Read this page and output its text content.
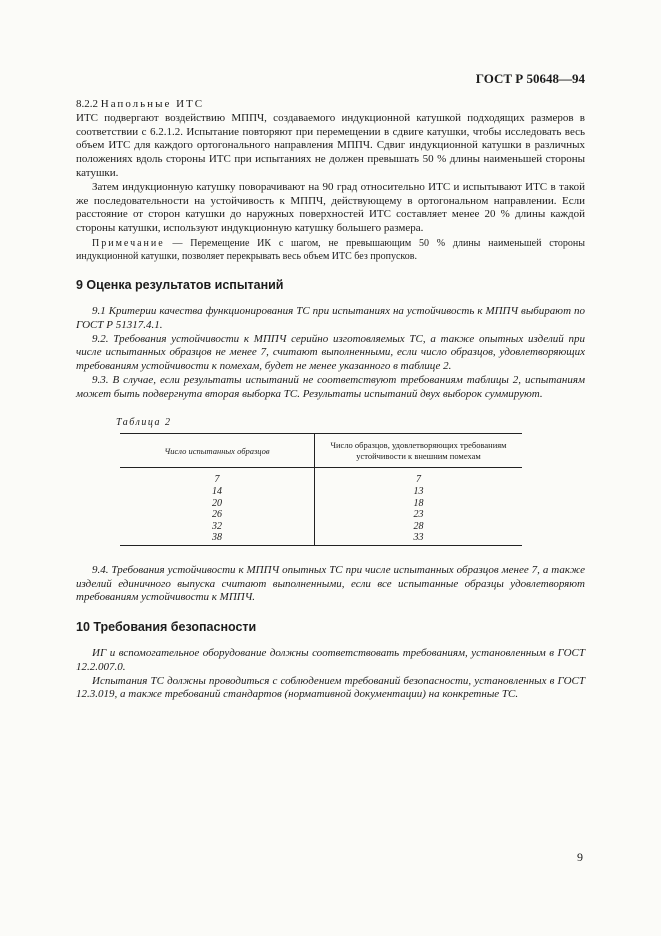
ГОСТ Р 50648—94

8.2.2 Напольные ИТС

ИТС подвергают воздействию МППЧ, создаваемого индукционной катушкой подходящих размеров в соответствии с 6.2.1.2. Испытание повторяют при перемещении в сдвиге катушки, чтобы исследовать весь объем ИТС для каждого ортогонального направления МППЧ. Сдвиг индукционной катушки в различных положениях вдоль стороны ИТС при испытаниях не должен превышать 50 % длины наименьшей стороны катушки.

Затем индукционную катушку поворачивают на 90 град относительно ИТС и испытывают ИТС в такой же последовательности на устойчивость к МППЧ, действующему в ортогональном направлении. Если расстояние от сторон катушки до наружных поверхностей ИТС составляет менее 20 % длины каждой стороны катушки, используют индукционную катушку большего размера.

Примечание — Перемещение ИК с шагом, не превышающим 50 % длины наименьшей стороны индукционной катушки, позволяет перекрывать весь объем ИТС без пропусков.

9 Оценка результатов испытаний

9.1 Критерии качества функционирования ТС при испытаниях на устойчивость к МППЧ выбирают по ГОСТ Р 51317.4.1.

9.2. Требования устойчивости к МППЧ серийно изготовляемых ТС, а также опытных изделий при числе испытанных образцов не менее 7, считают выполненными, если число образцов, удовлетворяющих требованиям устойчивости к помехам, будет не менее указанного в таблице 2.

9.3. В случае, если результаты испытаний не соответствуют требованиям таблицы 2, испытаниям может быть подвергнута вторая выборка ТС. Результаты испытаний двух выборок суммируют.

Таблица 2

Число испытанных образцов	Число образцов, удовлетворяющих требованиям устойчивости к внешним помехам
7	7
14	13
20	18
26	23
32	28
38	33

9.4. Требования устойчивости к МППЧ опытных ТС при числе испытанных образцов менее 7, а также изделий единичного выпуска считают выполненными, если все испытанные образцы удовлетворяют требованиям устойчивости к МППЧ.

10 Требования безопасности

ИГ и вспомогательное оборудование должны соответствовать требованиям, установленным в ГОСТ 12.2.007.0.

Испытания ТС должны проводиться с соблюдением требований безопасности, установленных в ГОСТ 12.3.019, а также требований стандартов (нормативной документации) на конкретные ТС.

9
